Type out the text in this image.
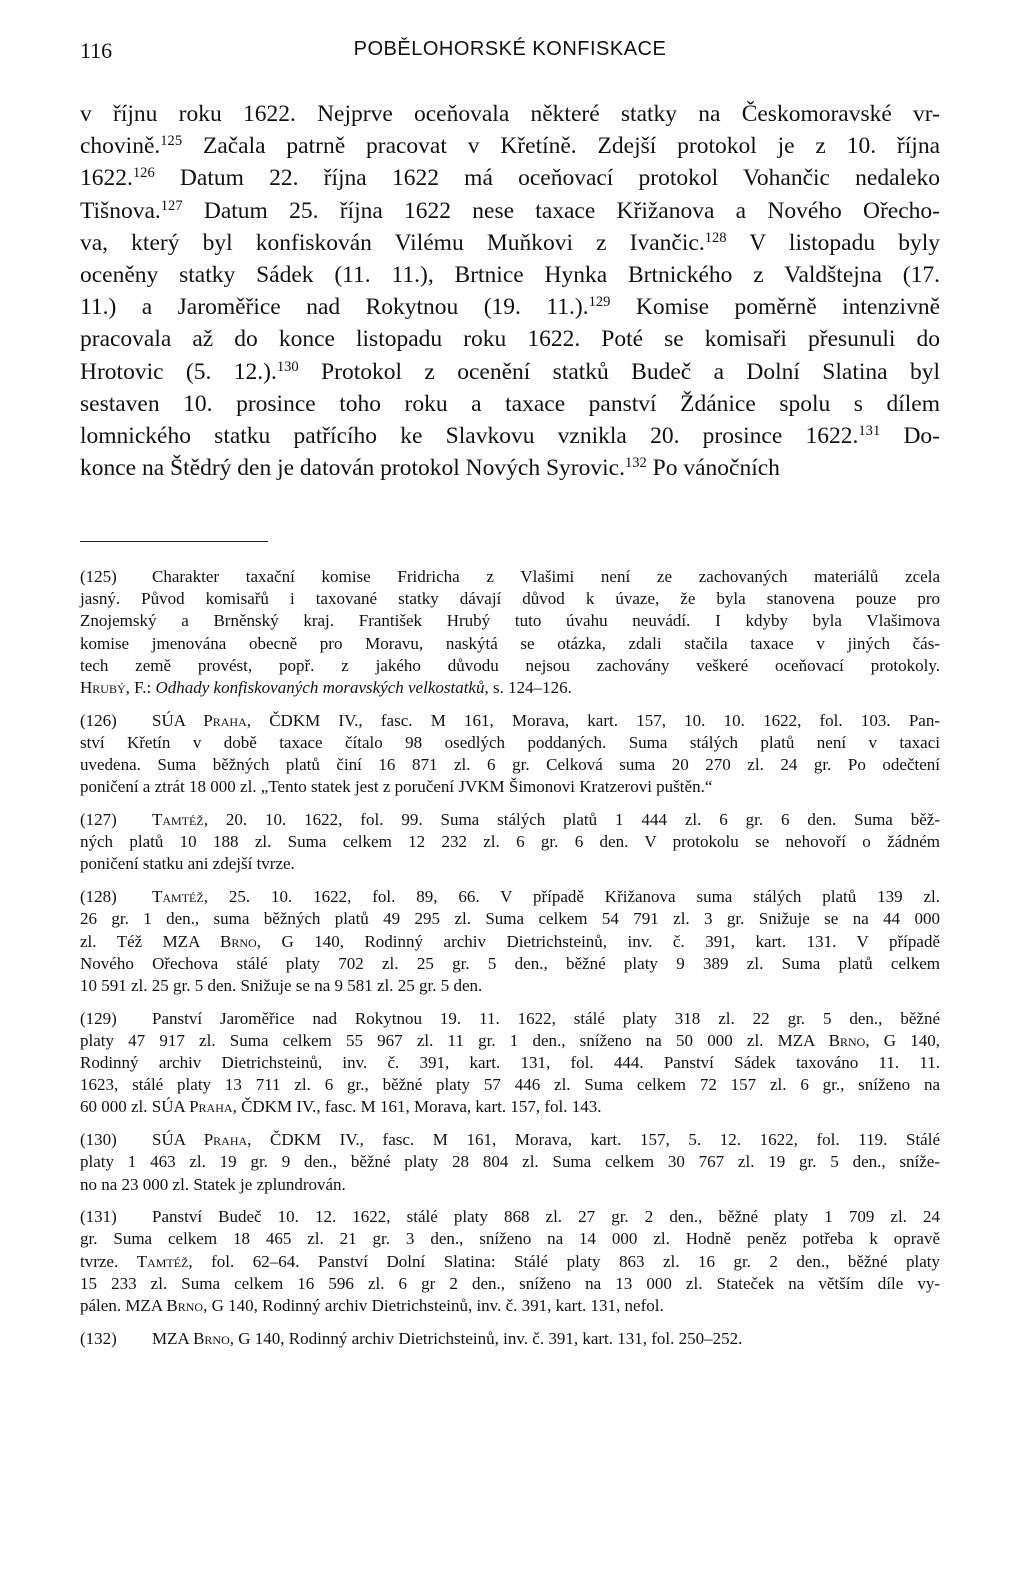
116	POBĚLOHORSKÉ KONFISKACE
v říjnu roku 1622. Nejprve oceňovala některé statky na Českomoravské vr-
chovině.$^{125}$ Začala patrně pracovat v Křetíně. Zdejší protokol je z 10. října
1622.$^{126}$ Datum 22. října 1622 má oceňovací protokol Vohančic nedaleko
Tišnova.$^{127}$ Datum 25. října 1622 nese taxace Křižanova a Nového Ořecho-
va, který byl konfiskován Vilému Muňkovi z Ivančic.$^{128}$ V listopadu byly
oceněny statky Sádek (11. 11.), Brtnice Hynka Brtnického z Valdštejna (17.
11.) a Jaroměřice nad Rokytnou (19. 11.).$^{129}$ Komise poměrně intenzivně
pracovala až do konce listopadu roku 1622. Poté se komisaři přesunuli do
Hrotovic (5. 12.).$^{130}$ Protokol z ocenění statků Budeč a Dolní Slatina byl
sestaven 10. prosince toho roku a taxace panství Ždánice spolu s dílem
lomnického statku patřícího ke Slavkovu vznikla 20. prosince 1622.$^{131}$ Do-
konce na Štědrý den je datován protokol Nových Syrovic.$^{132}$ Po vánočních
(125) Charakter taxační komise Fridricha z Vlašimi není ze zachovaných materiálů zcela
jasný. Původ komisařů i taxované statky dávají důvod k úvaze, že byla stanovena pouze pro
Znojemský a Brněnský kraj. František Hrubý tuto úvahu neuvádí. I kdyby byla Vlašimova
komise jmenována obecně pro Moravu, naskýtá se otázka, zdali stačila taxace v jiných čás-
tech země provést, popř. z jakého důvodu nejsou zachovány veškeré oceňovací protokoly.
Hrubý, F.: Odhady konfiskovaných moravských velkostatků, s. 124–126.
(126) SÚA Praha, ČDKM IV., fasc. M 161, Morava, kart. 157, 10. 10. 1622, fol. 103. Pan-
ství Křetín v době taxace čítalo 98 osedlých poddaných. Suma stálých platů není v taxaci
uvedena. Suma běžných platů činí 16 871 zl. 6 gr. Celková suma 20 270 zl. 24 gr. Po odečtení
poničení a ztrát 18 000 zl. „Tento statek jest z poručení JVKM Šimonovi Kratzerovi puštěn.“
(127) Tamtéž, 20. 10. 1622, fol. 99. Suma stálých platů 1 444 zl. 6 gr. 6 den. Suma běž-
ných platů 10 188 zl. Suma celkem 12 232 zl. 6 gr. 6 den. V protokolu se nehovoří o žádném
poničení statku ani zdejší tvrze.
(128) Tamtéž, 25. 10. 1622, fol. 89, 66. V případě Křižanova suma stálých platů 139 zl.
26 gr. 1 den., suma běžných platů 49 295 zl. Suma celkem 54 791 zl. 3 gr. Snižuje se na 44 000
zl. Též MZA Brno, G 140, Rodinný archiv Dietrichsteinů, inv. č. 391, kart. 131. V případě
Nového Ořechova stálé platy 702 zl. 25 gr. 5 den., běžné platy 9 389 zl. Suma platů celkem
10 591 zl. 25 gr. 5 den. Snižuje se na 9 581 zl. 25 gr. 5 den.
(129) Panství Jaroměřice nad Rokytnou 19. 11. 1622, stálé platy 318 zl. 22 gr. 5 den., běžné
platy 47 917 zl. Suma celkem 55 967 zl. 11 gr. 1 den., sníženo na 50 000 zl. MZA Brno, G 140,
Rodinný archiv Dietrichsteinů, inv. č. 391, kart. 131, fol. 444. Panství Sádek taxováno 11. 11.
1623, stálé platy 13 711 zl. 6 gr., běžné platy 57 446 zl. Suma celkem 72 157 zl. 6 gr., sníženo na
60 000 zl. SÚA Praha, ČDKM IV., fasc. M 161, Morava, kart. 157, fol. 143.
(130) SÚA Praha, ČDKM IV., fasc. M 161, Morava, kart. 157, 5. 12. 1622, fol. 119. Stálé
platy 1 463 zl. 19 gr. 9 den., běžné platy 28 804 zl. Suma celkem 30 767 zl. 19 gr. 5 den., sníže-
no na 23 000 zl. Statek je zplundrován.
(131) Panství Budeč 10. 12. 1622, stálé platy 868 zl. 27 gr. 2 den., běžné platy 1 709 zl. 24
gr. Suma celkem 18 465 zl. 21 gr. 3 den., sníženo na 14 000 zl. Hodně peněz potřeba k opravě
tvrze. Tamtéž, fol. 62–64. Panství Dolní Slatina: Stálé platy 863 zl. 16 gr. 2 den., běžné platy
15 233 zl. Suma celkem 16 596 zl. 6 gr 2 den., sníženo na 13 000 zl. Stateček na větším díle vy-
pálen. MZA Brno, G 140, Rodinný archiv Dietrichsteinů, inv. č. 391, kart. 131, nefol.
(132) MZA Brno, G 140, Rodinný archiv Dietrichsteinů, inv. č. 391, kart. 131, fol. 250–252.
